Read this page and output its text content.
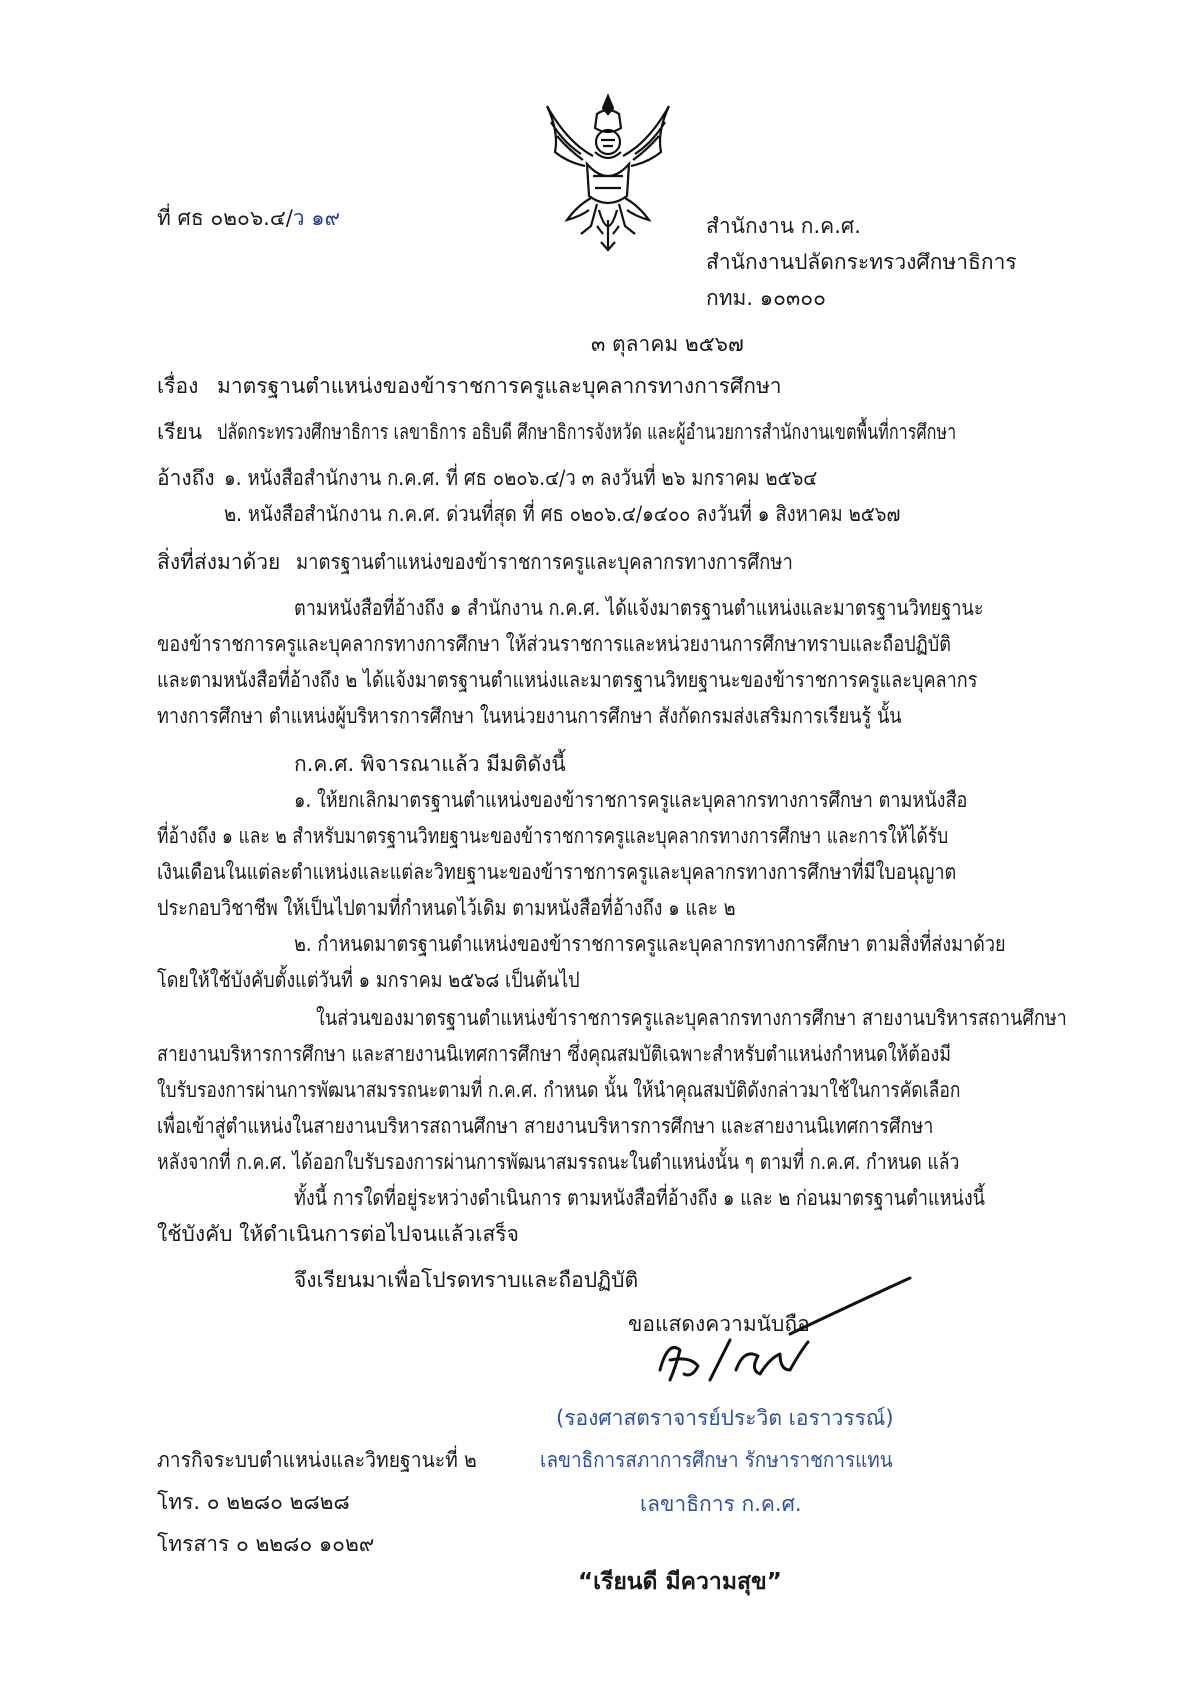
ที่ ศธ ๐๒๐๖.๔/ว ๑๙	สำนักงาน ก.ค.ศ.
สำนักงานปลัดกระทรวงศึกษาธิการ
กทม. ๑๐๓๐๐
๓ ตุลาคม ๒๕๖๗
เรื่อง มาตรฐานตำแหน่งของข้าราชการครูและบุคลากรทางการศึกษา
เรียน ปลัดกระทรวงศึกษาธิการ เลขาธิการ อธิบดี ศึกษาธิการจังหวัด และผู้อำนวยการสำนักงานเขตพื้นที่การศึกษา
อ้างถึง ๑. หนังสือสำนักงาน ก.ค.ศ. ที่ ศธ ๐๒๐๖.๔/ว ๓ ลงวันที่ ๒๖ มกราคม ๒๕๖๔
๒. หนังสือสำนักงาน ก.ค.ศ. ด่วนที่สุด ที่ ศธ ๐๒๐๖.๔/๑๔๐๐ ลงวันที่ ๑ สิงหาคม ๒๕๖๗
สิ่งที่ส่งมาด้วย มาตรฐานตำแหน่งของข้าราชการครูและบุคลากรทางการศึกษา
ตามหนังสือที่อ้างถึง ๑ สำนักงาน ก.ค.ศ. ได้แจ้งมาตรฐานตำแหน่งและมาตรฐานวิทยฐานะ
ของข้าราชการครูและบุคลากรทางการศึกษา ให้ส่วนราชการและหน่วยงานการศึกษาทราบและถือปฏิบัติ
และตามหนังสือที่อ้างถึง ๒ ได้แจ้งมาตรฐานตำแหน่งและมาตรฐานวิทยฐานะของข้าราชการครูและบุคลากร
ทางการศึกษา ตำแหน่งผู้บริหารการศึกษา ในหน่วยงานการศึกษา สังกัดกรมส่งเสริมการเรียนรู้ นั้น
ก.ค.ศ. พิจารณาแล้ว มีมติดังนี้
๑. ให้ยกเลิกมาตรฐานตำแหน่งของข้าราชการครูและบุคลากรทางการศึกษา ตามหนังสือ
ที่อ้างถึง ๑ และ ๒ สำหรับมาตรฐานวิทยฐานะของข้าราชการครูและบุคลากรทางการศึกษา และการให้ได้รับ
เงินเดือนในแต่ละตำแหน่งและแต่ละวิทยฐานะของข้าราชการครูและบุคลากรทางการศึกษาที่มีใบอนุญาต
ประกอบวิชาชีพ ให้เป็นไปตามที่กำหนดไว้เดิม ตามหนังสือที่อ้างถึง ๑ และ ๒
๒. กำหนดมาตรฐานตำแหน่งของข้าราชการครูและบุคลากรทางการศึกษา ตามสิ่งที่ส่งมาด้วย
โดยให้ใช้บังคับตั้งแต่วันที่ ๑ มกราคม ๒๕๖๘ เป็นต้นไป
ในส่วนของมาตรฐานตำแหน่งข้าราชการครูและบุคลากรทางการศึกษา สายงานบริหารสถานศึกษา
สายงานบริหารการศึกษา และสายงานนิเทศการศึกษา ซึ่งคุณสมบัติเฉพาะสำหรับตำแหน่งกำหนดให้ต้องมี
ใบรับรองการผ่านการพัฒนาสมรรถนะตามที่ ก.ค.ศ. กำหนด นั้น ให้นำคุณสมบัติดังกล่าวมาใช้ในการคัดเลือก
เพื่อเข้าสู่ตำแหน่งในสายงานบริหารสถานศึกษา สายงานบริหารการศึกษา และสายงานนิเทศการศึกษา
หลังจากที่ ก.ค.ศ. ได้ออกใบรับรองการผ่านการพัฒนาสมรรถนะในตำแหน่งนั้น ๆ ตามที่ ก.ค.ศ. กำหนด แล้ว
ทั้งนี้ การใดที่อยู่ระหว่างดำเนินการ ตามหนังสือที่อ้างถึง ๑ และ ๒ ก่อนมาตรฐานตำแหน่งนี้
ใช้บังคับ ให้ดำเนินการต่อไปจนแล้วเสร็จ
จึงเรียนมาเพื่อโปรดทราบและถือปฏิบัติ
ขอแสดงความนับถือ
(รองศาสตราจารย์ประวิต เอราวรรณ์)
เลขาธิการสภาการศึกษา รักษาราชการแทน
เลขาธิการ ก.ค.ศ.
ภารกิจระบบตำแหน่งและวิทยฐานะที่ ๒
โทร. ๐ ๒๒๘๐ ๒๘๒๘
โทรสาร ๐ ๒๒๘๐ ๑๐๒๙
“เรียนดี มีความสุข”
